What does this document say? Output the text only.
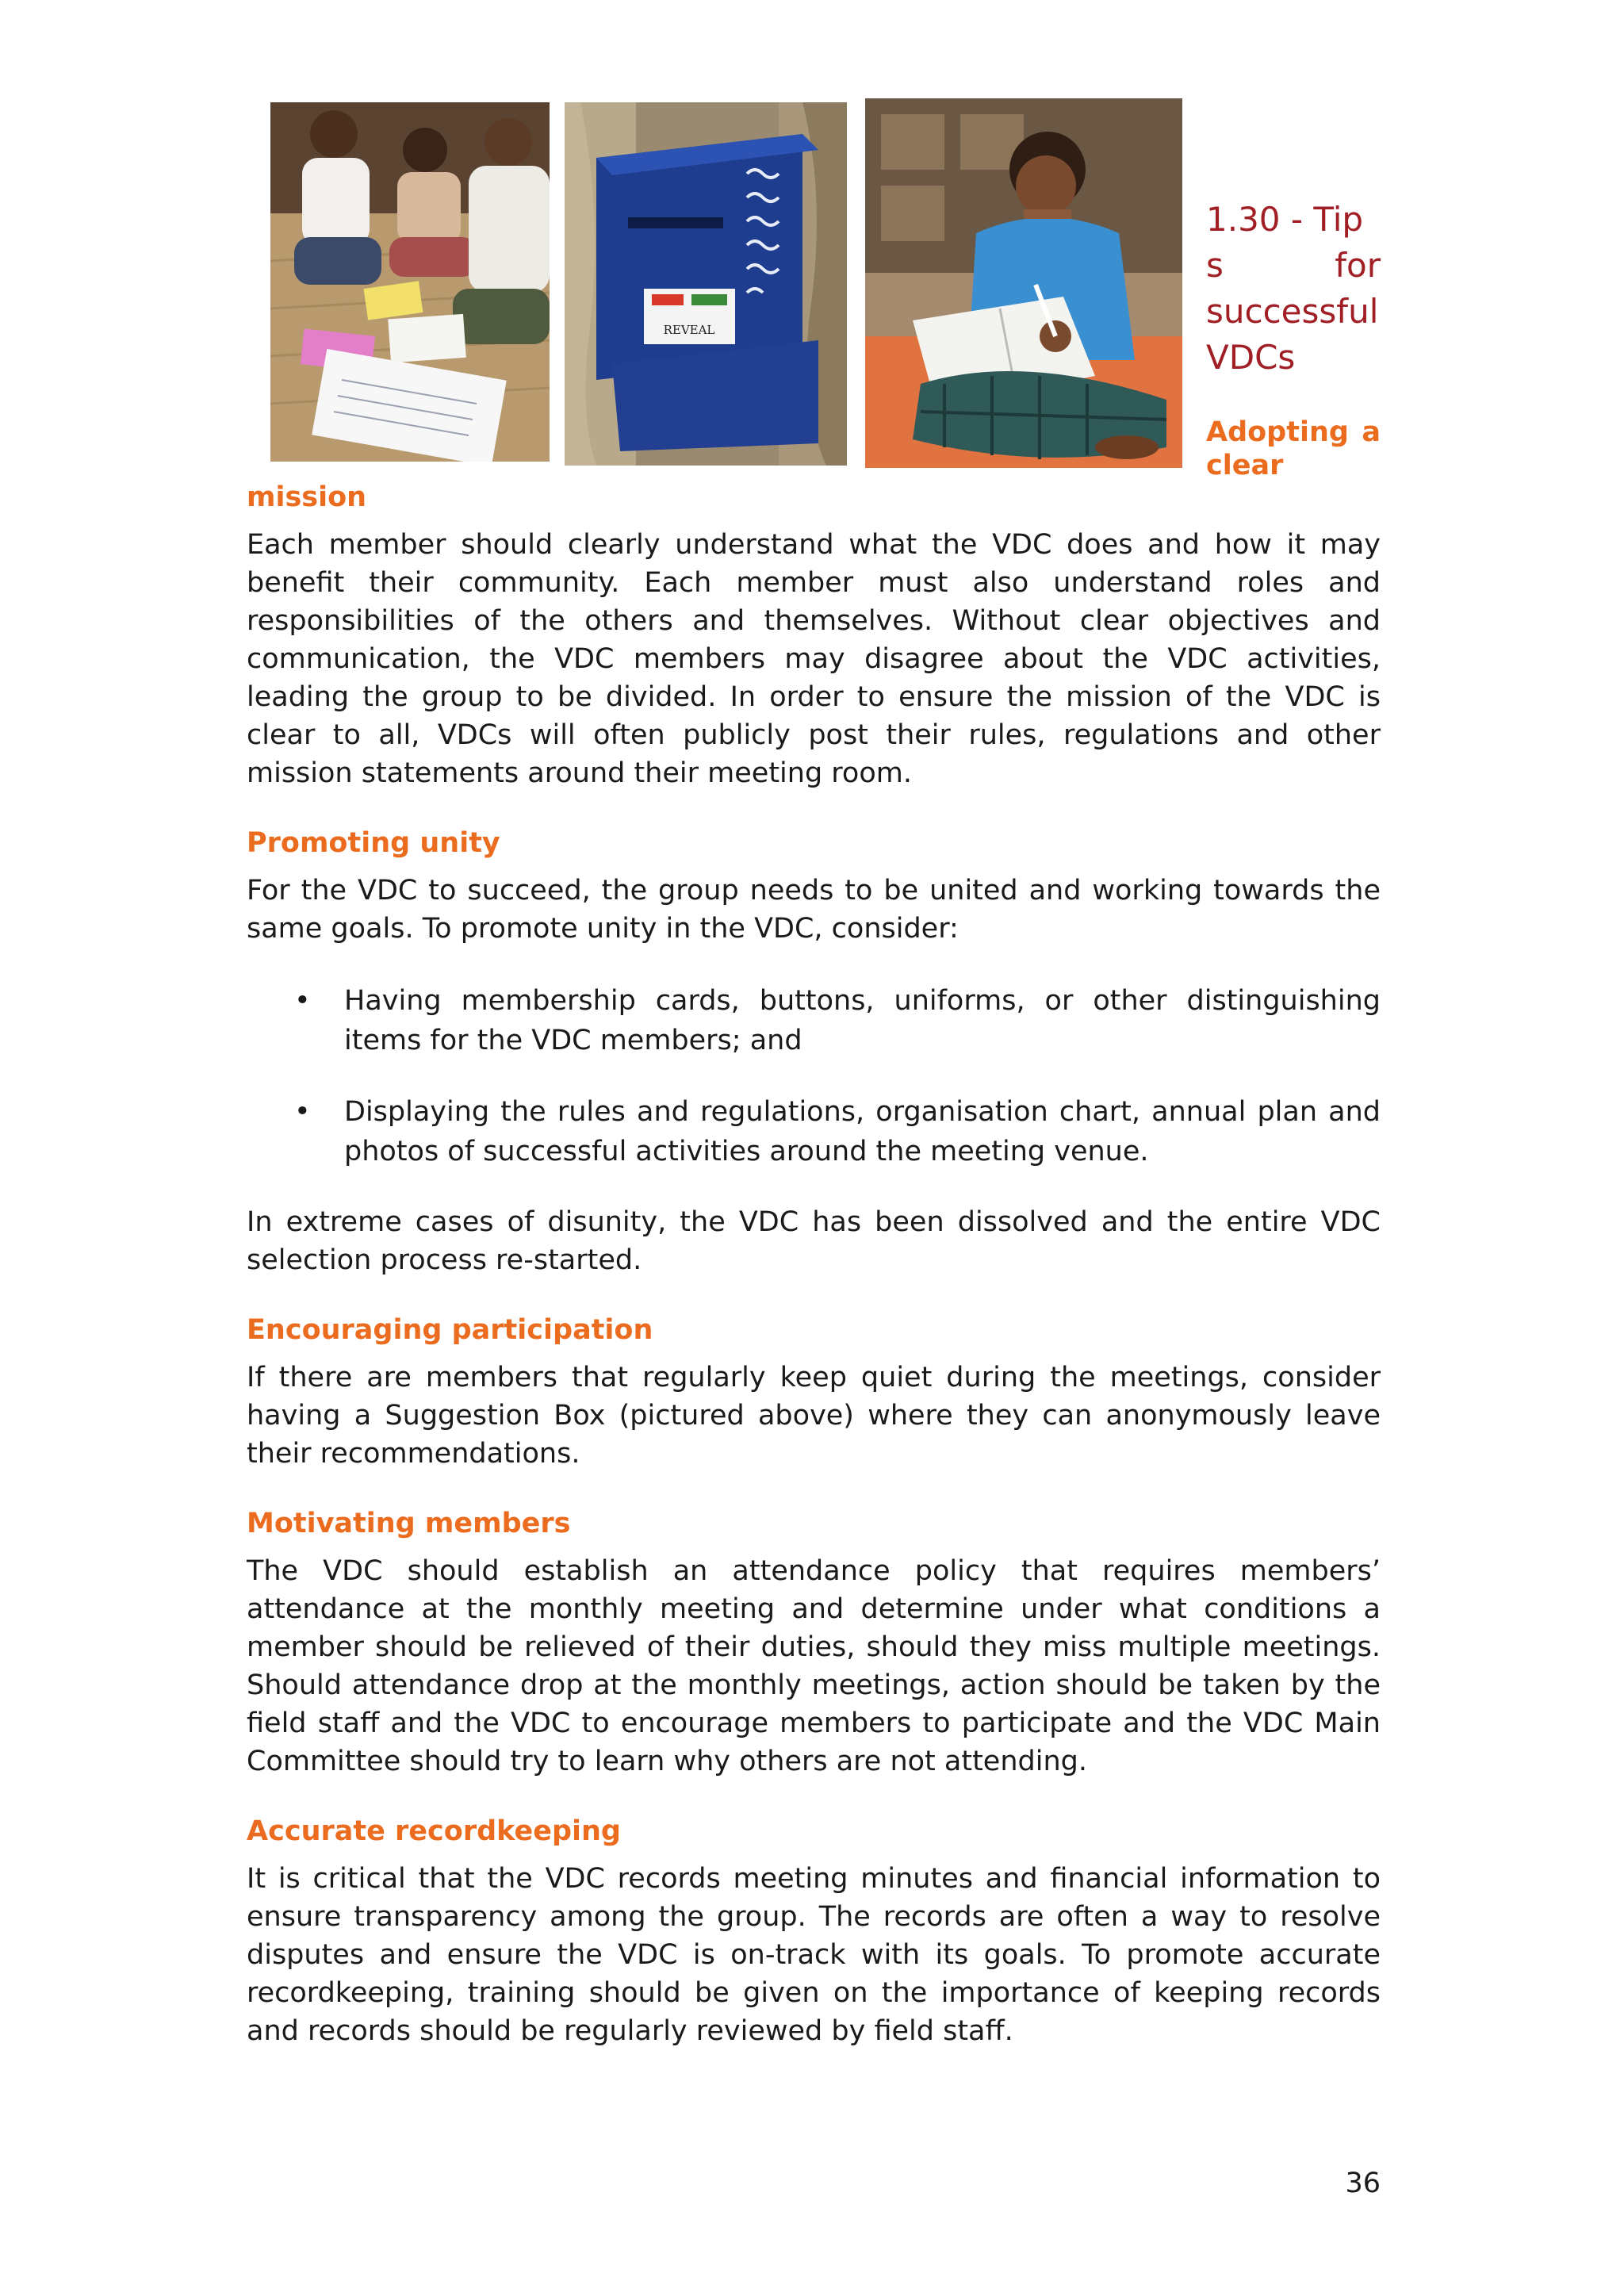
REVEAL
1.30 - Tip
s	for
successful
VDCs
Adopting a
clear

mission

Each member should clearly understand what the VDC does and how it may benefit their community. Each member must also understand roles and responsibilities of the others and themselves. Without clear objectives and communication, the VDC members may disagree about the VDC activities, leading the group to be divided. In order to ensure the mission of the VDC is clear to all, VDCs will often publicly post their rules, regulations and other mission statements around their meeting room.

Promoting unity

For the VDC to succeed, the group needs to be united and working towards the same goals. To promote unity in the VDC, consider:

• Having membership cards, buttons, uniforms, or other distinguishing items for the VDC members; and
• Displaying the rules and regulations, organisation chart, annual plan and photos of successful activities around the meeting venue.

In extreme cases of disunity, the VDC has been dissolved and the entire VDC selection process re-started.

Encouraging participation

If there are members that regularly keep quiet during the meetings, consider having a Suggestion Box (pictured above) where they can anonymously leave their recommendations.

Motivating members

The VDC should establish an attendance policy that requires members’ attendance at the monthly meeting and determine under what conditions a member should be relieved of their duties, should they miss multiple meetings. Should attendance drop at the monthly meetings, action should be taken by the field staff and the VDC to encourage members to participate and the VDC Main Committee should try to learn why others are not attending.

Accurate recordkeeping

It is critical that the VDC records meeting minutes and financial information to ensure transparency among the group. The records are often a way to resolve disputes and ensure the VDC is on-track with its goals. To promote accurate recordkeeping, training should be given on the importance of keeping records and records should be regularly reviewed by field staff.

36
